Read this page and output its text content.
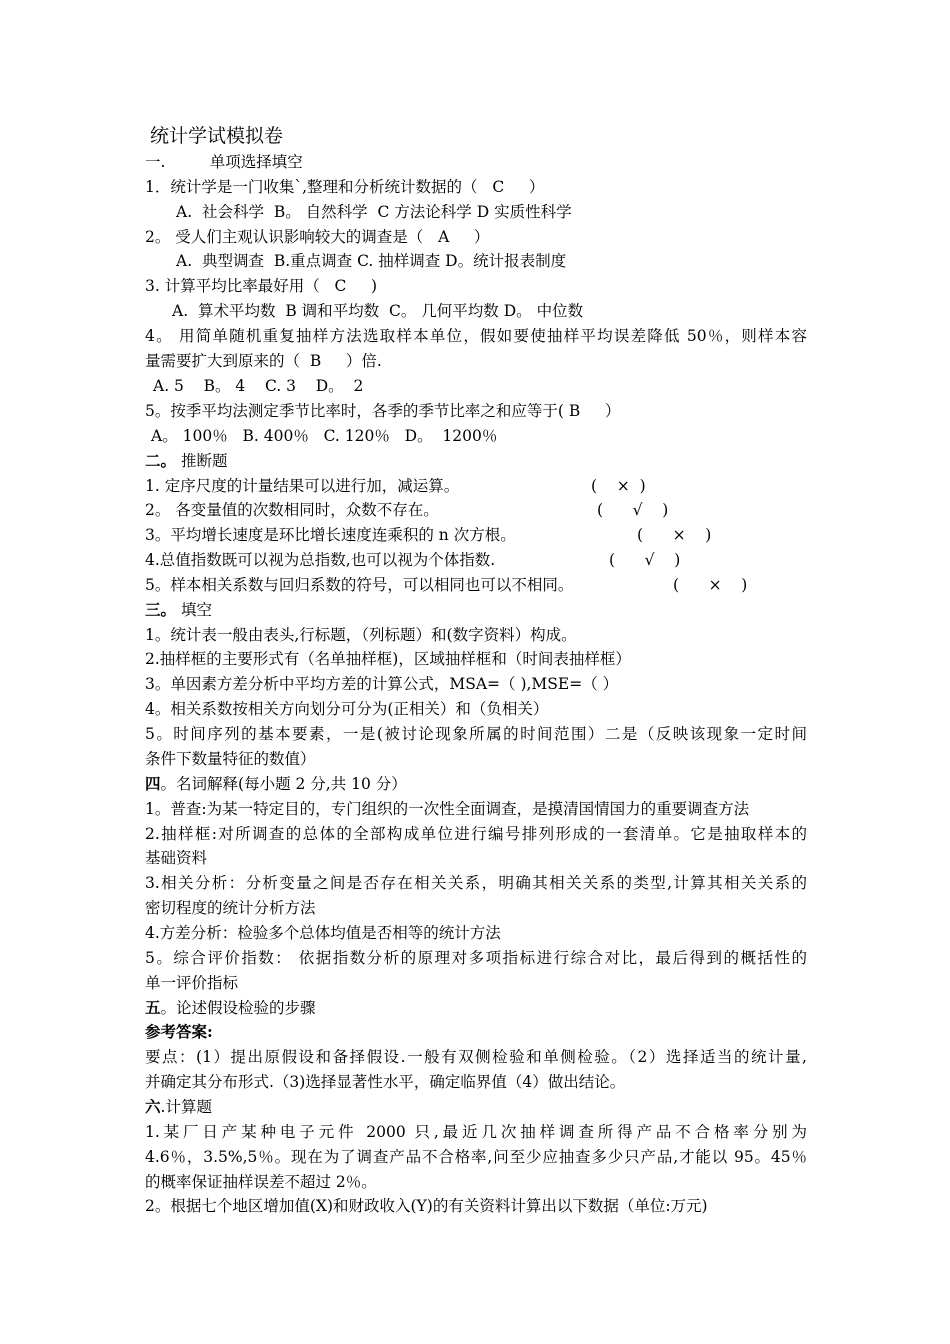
统计学试模拟卷
一.         单项选择填空
1．统计学是一门收集`,整理和分析统计数据的（   C     ）
A.  社会科学  B。 自然科学  C 方法论科学 D 实质性科学
2。 受人们主观认识影响较大的调查是（   A     ）
A.  典型调查  B.重点调查 C. 抽样调查 D。统计报表制度
3. 计算平均比率最好用（   C     )
A.  算术平均数  B 调和平均数  C。 几何平均数 D。 中位数
4。 用简单随机重复抽样方法选取样本单位，假如要使抽样平均误差降低 50％，则样本容
量需要扩大到原来的（  B     ）倍.
A. 5    B。 4    C. 3    D。  2
5。按季平均法测定季节比率时，各季的季节比率之和应等于( B     ）
A。 100％   B. 400％   C. 120％   D。  1200％
二。 推断题
1. 定序尺度的计量结果可以进行加，减运算。	(    ×  )
2。 各变量值的次数相同时，众数不存在。	(      √    )
3。平均增长速度是环比增长速度连乘积的 n 次方根。	(      ×    )
4.总值指数既可以视为总指数,也可以视为个体指数.	(      √    )
5。样本相关系数与回归系数的符号，可以相同也可以不相同。	(      ×    )
三。 填空
1。统计表一般由表头,行标题，（列标题）和(数字资料）构成。
2.抽样框的主要形式有（名单抽样框)，区域抽样框和（时间表抽样框）
3。单因素方差分析中平均方差的计算公式，MSA=（ ),MSE=（ ）
4。相关系数按相关方向划分可分为(正相关）和（负相关）
5。时间序列的基本要素，一是(被讨论现象所属的时间范围）二是（反映该现象一定时间
条件下数量特征的数值）
四。名词解释(每小题 2 分,共 10 分）
1。普查:为某一特定目的，专门组织的一次性全面调查，是摸清国情国力的重要调查方法
2.抽样框:对所调查的总体的全部构成单位进行编号排列形成的一套清单。它是抽取样本的
基础资料
3.相关分析：分析变量之间是否存在相关关系，明确其相关关系的类型,计算其相关关系的
密切程度的统计分析方法
4.方差分析：检验多个总体均值是否相等的统计方法
5。综合评价指数： 依据指数分析的原理对多项指标进行综合对比，最后得到的概括性的
单一评价指标
五。论述假设检验的步骤
参考答案:
要点：(1）提出原假设和备择假设.一般有双侧检验和单侧检验。（2）选择适当的统计量,
并确定其分布形式.（3)选择显著性水平，确定临界值（4）做出结论。
六.计算题
1.某厂日产某种电子元件 2000 只,最近几次抽样调查所得产品不合格率分别为
4.6％，3.5%,5％。现在为了调查产品不合格率,问至少应抽查多少只产品,才能以 95。45％
的概率保证抽样误差不超过 2％。
2。根据七个地区增加值(X)和财政收入(Y)的有关资料计算出以下数据（单位:万元)
